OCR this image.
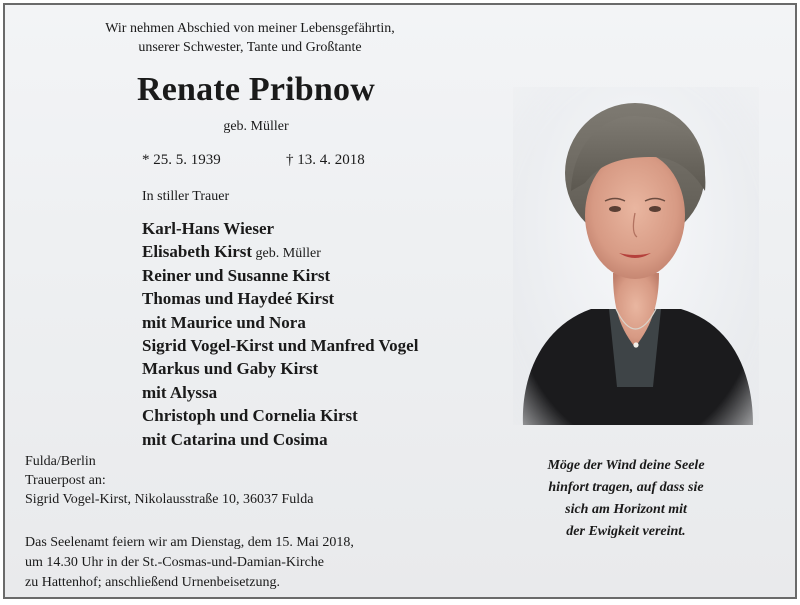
Wir nehmen Abschied von meiner Lebensgefährtin,
unserer Schwester, Tante und Großtante
Renate Pribnow
geb. Müller
* 25. 5. 1939	† 13. 4. 2018
In stiller Trauer
Karl-Hans Wieser
Elisabeth Kirst geb. Müller
Reiner und Susanne Kirst
Thomas und Haydeé Kirst
mit Maurice und Nora
Sigrid Vogel-Kirst und Manfred Vogel
Markus und Gaby Kirst
mit Alyssa
Christoph und Cornelia Kirst
mit Catarina und Cosima
Fulda/Berlin
Trauerpost an:
Sigrid Vogel-Kirst, Nikolausstraße 10, 36037 Fulda
Möge der Wind deine Seele
hinfort tragen, auf dass sie
sich am Horizont mit
der Ewigkeit vereint.
Das Seelenamt feiern wir am Dienstag, dem 15. Mai 2018,
um 14.30 Uhr in der St.-Cosmas-und-Damian-Kirche
zu Hattenhof; anschließend Urnenbeisetzung.
